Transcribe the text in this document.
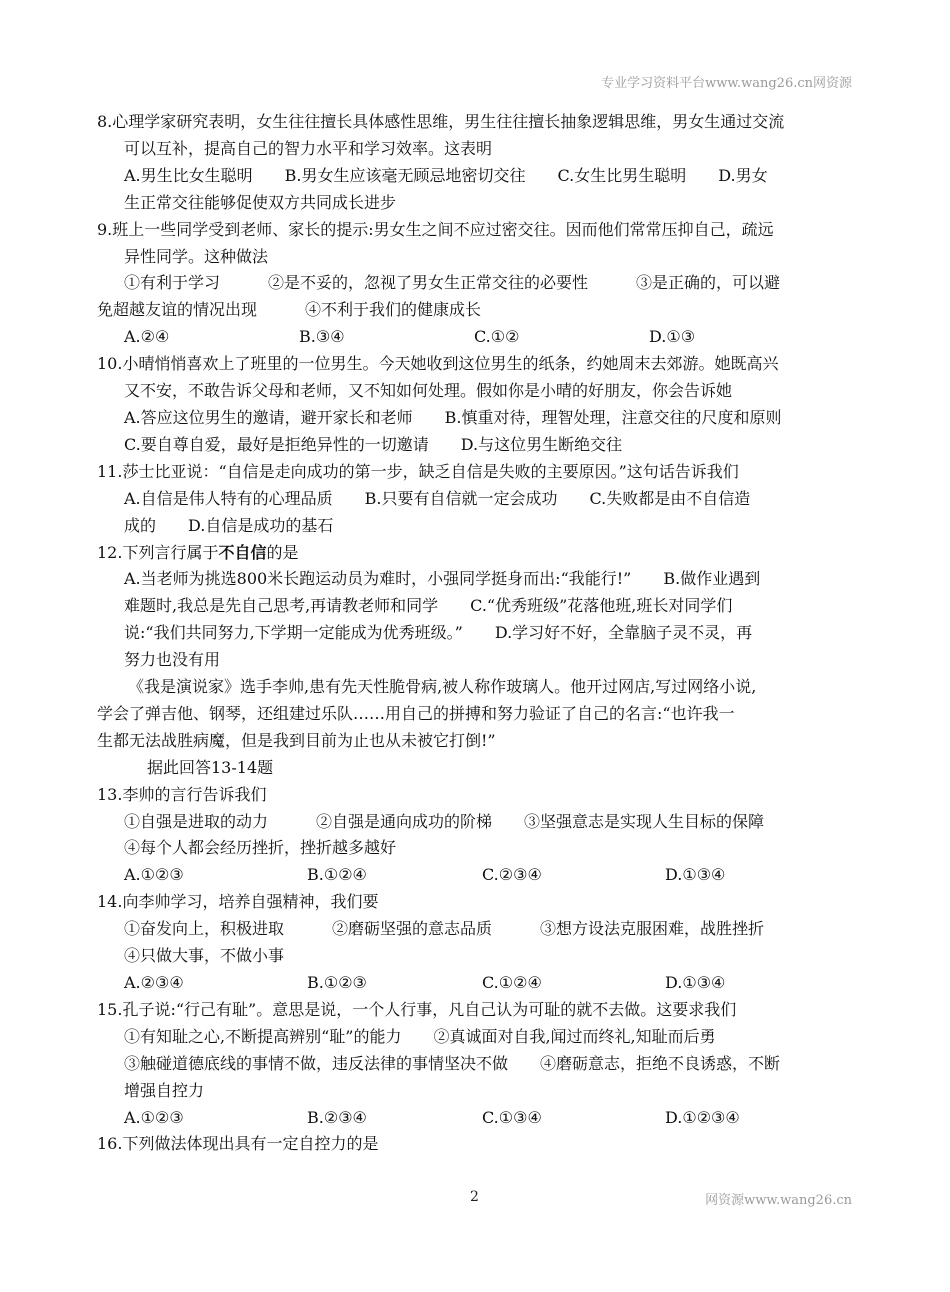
专业学习资料平台www.wang26.cn网资源

8.心理学家研究表明，女生往往擅长具体感性思维，男生往往擅长抽象逻辑思维，男女生通过交流

可以互补，提高自己的智力水平和学习效率。这表明

A.男生比女生聪明　　B.男女生应该毫无顾忌地密切交往　　C.女生比男生聪明　　D.男女

生正常交往能够促使双方共同成长进步

9.班上一些同学受到老师、家长的提示:男女生之间不应过密交往。因而他们常常压抑自己，疏远

异性同学。这种做法

①有利于学习　　　②是不妥的，忽视了男女生正常交往的必要性　　　③是正确的，可以避

免超越友谊的情况出现　　　④不利于我们的健康成长

A.②④	B.③④	C.①②	D.①③

10.小晴悄悄喜欢上了班里的一位男生。今天她收到这位男生的纸条，约她周末去郊游。她既高兴

又不安，不敢告诉父母和老师，又不知如何处理。假如你是小晴的好朋友，你会告诉她

A.答应这位男生的邀请，避开家长和老师　　B.慎重对待，理智处理，注意交往的尺度和原则

C.要自尊自爱，最好是拒绝异性的一切邀请　　D.与这位男生断绝交往

11.莎士比亚说：“自信是走向成功的第一步，缺乏自信是失败的主要原因。”这句话告诉我们

A.自信是伟人特有的心理品质　　B.只要有自信就一定会成功　　C.失败都是由不自信造

成的　　D.自信是成功的基石

12.下列言行属于不自信的是

A.当老师为挑选800米长跑运动员为难时，小强同学挺身而出:“我能行!”　　B.做作业遇到

难题时,我总是先自己思考,再请教老师和同学　　C.“优秀班级”花落他班,班长对同学们

说:“我们共同努力,下学期一定能成为优秀班级。”　　D.学习好不好，全靠脑子灵不灵，再

努力也没有用

《我是演说家》选手李帅,患有先天性脆骨病,被人称作玻璃人。他开过网店,写过网络小说,

学会了弹吉他、钢琴，还组建过乐队……用自己的拼搏和努力验证了自己的名言:“也许我一

生都无法战胜病魔，但是我到目前为止也从未被它打倒!”

据此回答13-14题

13.李帅的言行告诉我们

①自强是进取的动力　　　②自强是通向成功的阶梯　　③坚强意志是实现人生目标的保障

④每个人都会经历挫折，挫折越多越好

A.①②③	B.①②④	C.②③④	D.①③④

14.向李帅学习，培养自强精神，我们要

①奋发向上，积极进取　　　②磨砺坚强的意志品质　　　③想方设法克服困难，战胜挫折

④只做大事，不做小事

A.②③④	B.①②③	C.①②④	D.①③④

15.孔子说:“行己有耻”。意思是说，一个人行事，凡自己认为可耻的就不去做。这要求我们

①有知耻之心,不断提高辨别“耻”的能力　　②真诚面对自我,闻过而终礼,知耻而后勇

③触碰道德底线的事情不做，违反法律的事情坚决不做　　④磨砺意志，拒绝不良诱惑，不断

增强自控力

A.①②③	B.②③④	C.①③④	D.①②③④

16.下列做法体现出具有一定自控力的是

2	网资源www.wang26.cn
